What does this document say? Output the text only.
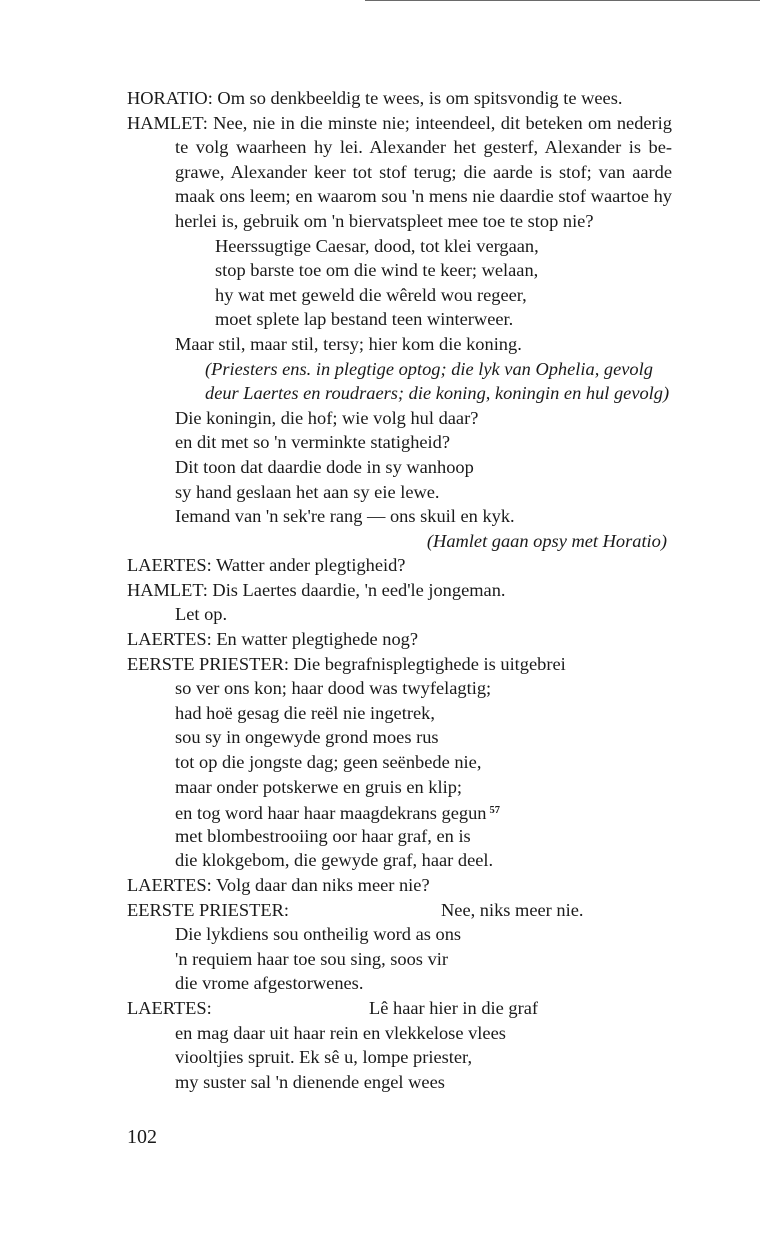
HORATIO: Om so denkbeeldig te wees, is om spitsvondig te wees.
HAMLET: Nee, nie in die minste nie; inteendeel, dit beteken om nederig
te volg waarheen hy lei. Alexander het gesterf, Alexander is be-
grawe, Alexander keer tot stof terug; die aarde is stof; van aarde
maak ons leem; en waarom sou 'n mens nie daardie stof waartoe hy
herlei is, gebruik om 'n biervatspleet mee toe te stop nie?
Heerssugtige Caesar, dood, tot klei vergaan,
stop barste toe om die wind te keer; welaan,
hy wat met geweld die wêreld wou regeer,
moet splete lap bestand teen winterweer.
Maar stil, maar stil, tersy; hier kom die koning.
(Priesters ens. in plegtige optog; die lyk van Ophelia, gevolg
deur Laertes en roudraers; die koning, koningin en hul gevolg)
Die koningin, die hof; wie volg hul daar?
en dit met so 'n verminkte statigheid?
Dit toon dat daardie dode in sy wanhoop
sy hand geslaan het aan sy eie lewe.
Iemand van 'n sek're rang — ons skuil en kyk.
(Hamlet gaan opsy met Horatio)
LAERTES: Watter ander plegtigheid?
HAMLET: Dis Laertes daardie, 'n eed'le jongeman.
Let op.
LAERTES: En watter plegtighede nog?
EERSTE PRIESTER: Die begrafnisplegtighede is uitgebrei
so ver ons kon; haar dood was twyfelagtig;
had hoë gesag die reël nie ingetrek,
sou sy in ongewyde grond moes rus
tot op die jongste dag; geen seënbede nie,
maar onder potskerwe en gruis en klip;
en tog word haar haar maagdekrans gegun $^{57}$
met blombestrooiing oor haar graf, en is
die klokgebom, die gewyde graf, haar deel.
LAERTES: Volg daar dan niks meer nie?
EERSTE PRIESTER:	Nee, niks meer nie.
Die lykdiens sou ontheilig word as ons
'n requiem haar toe sou sing, soos vir
die vrome afgestorwenes.
LAERTES:	Lê haar hier in die graf
en mag daar uit haar rein en vlekkelose vlees
viooltjies spruit. Ek sê u, lompe priester,
my suster sal 'n dienende engel wees
102
